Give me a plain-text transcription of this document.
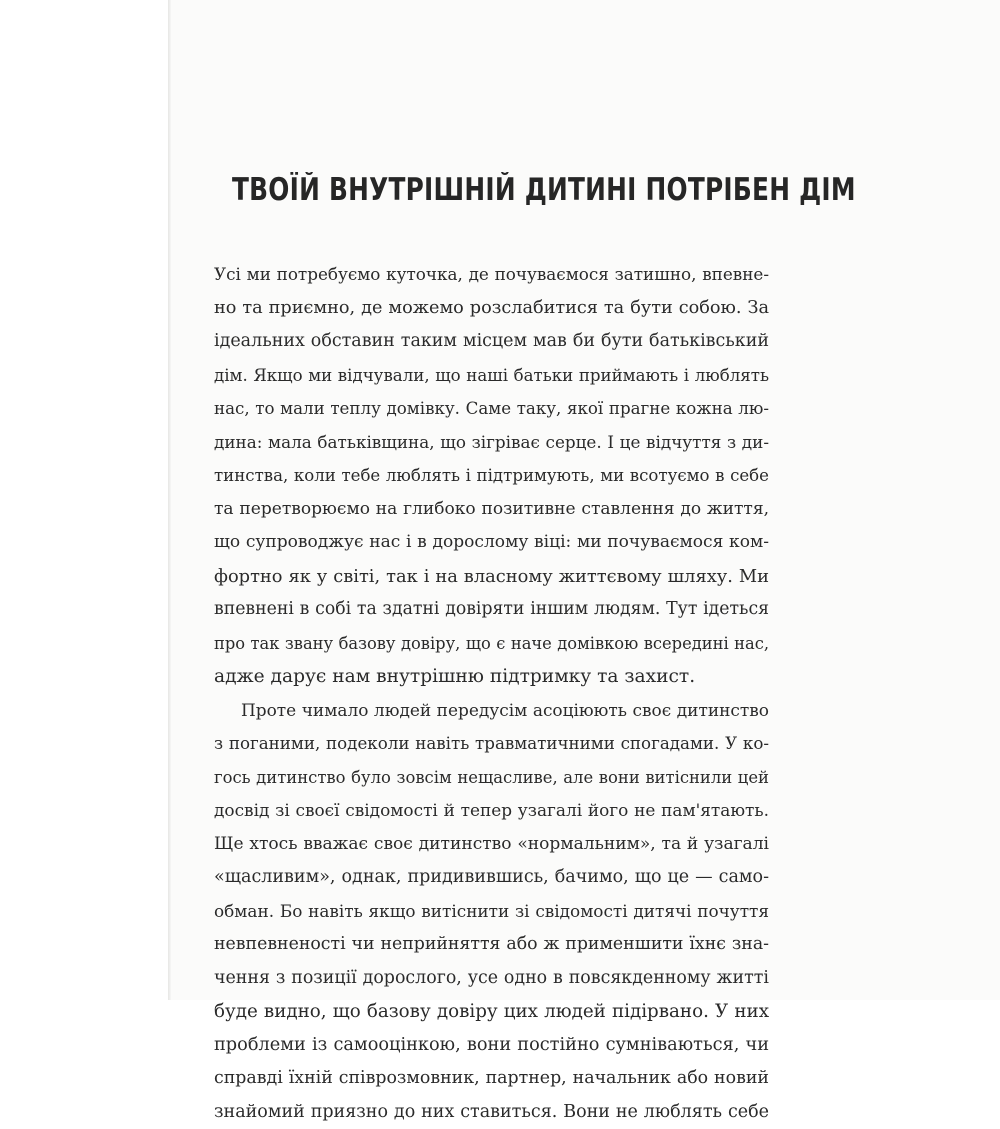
ТВОЇЙ ВНУТРІШНІЙ ДИТИНІ ПОТРІБЕН ДІМ
Усі ми потребуємо куточка, де почуваємося затишно, впевне-
но та приємно, де можемо розслабитися та бути собою. За
ідеальних обставин таким місцем мав би бути батьківський
дім. Якщо ми відчували, що наші батьки приймають і люблять
нас, то мали теплу домівку. Саме таку, якої прагне кожна лю-
дина: мала батьківщина, що зігріває серце. І це відчуття з ди-
тинства, коли тебе люблять і підтримують, ми всотуємо в себе
та перетворюємо на глибоко позитивне ставлення до життя,
що супроводжує нас і в дорослому віці: ми почуваємося ком-
фортно як у світі, так і на власному життєвому шляху. Ми
впевнені в собі та здатні довіряти іншим людям. Тут ідеться
про так звану базову довіру, що є наче домівкою всередині нас,
адже дарує нам внутрішню підтримку та захист.
Проте чимало людей передусім асоціюють своє дитинство
з поганими, подеколи навіть травматичними спогадами. У ко-
гось дитинство було зовсім нещасливе, але вони витіснили цей
досвід зі своєї свідомості й тепер узагалі його не пам'ятають.
Ще хтось вважає своє дитинство «нормальним», та й узагалі
«щасливим», однак, придивившись, бачимо, що це — само-
обман. Бо навіть якщо витіснити зі свідомості дитячі почуття
невпевненості чи неприйняття або ж применшити їхнє зна-
чення з позиції дорослого, усе одно в повсякденному житті
буде видно, що базову довіру цих людей підірвано. У них
проблеми із самооцінкою, вони постійно сумніваються, чи
справді їхній співрозмовник, партнер, начальник або новий
знайомий приязно до них ставиться. Вони не люблять себе
